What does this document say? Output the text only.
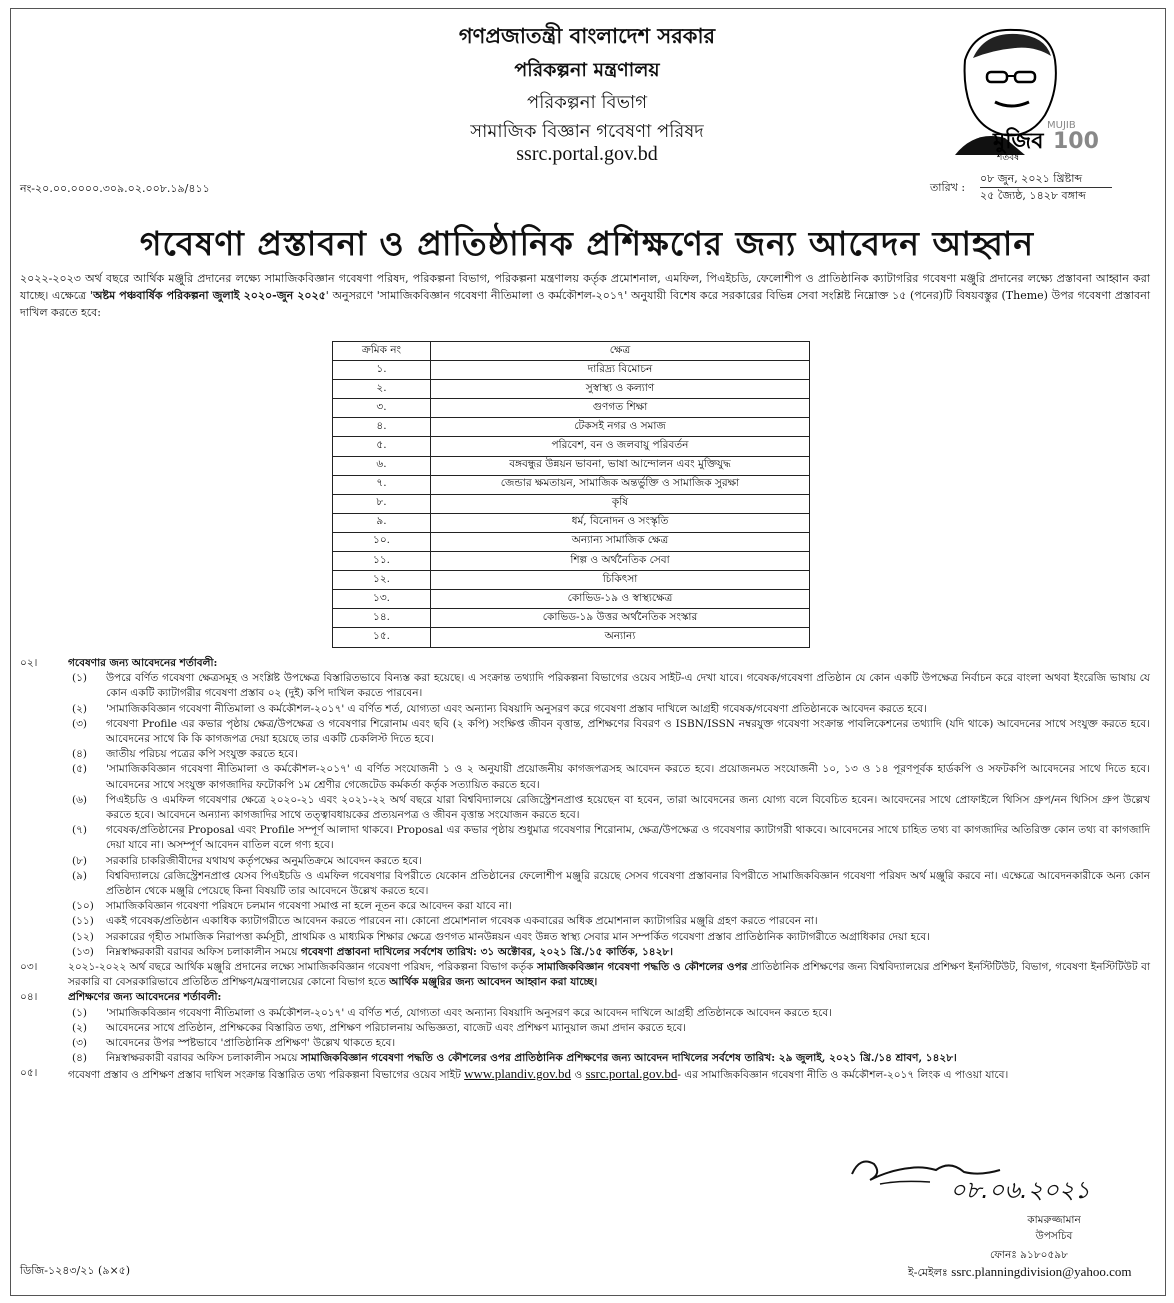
গণপ্রজাতন্ত্রী বাংলাদেশ সরকার
পরিকল্পনা মন্ত্রণালয়
পরিকল্পনা বিভাগ
সামাজিক বিজ্ঞান গবেষণা পরিষদ
ssrc.portal.gov.bd	মুজিব
MUJIB
100
শতবর্ষ
নং-২০.০০.০০০০.৩০৯.০২.০০৮.১৯/৪১১	তারিখ :
০৮ জুন, ২০২১ খ্রিষ্টাব্দ
২৫ জ্যৈষ্ঠ, ১৪২৮ বঙ্গাব্দ
গবেষণা প্রস্তাবনা ও প্রাতিষ্ঠানিক প্রশিক্ষণের জন্য আবেদন আহ্বান
২০২২-২০২৩ অর্থ বছরে আর্থিক মঞ্জুরি প্রদানের লক্ষ্যে সামাজিকবিজ্ঞান গবেষণা পরিষদ, পরিকল্পনা বিভাগ, পরিকল্পনা মন্ত্রণালয় কর্তৃক প্রমোশনাল, এমফিল, পিএইচডি, ফেলোশীপ ও প্রাতিষ্ঠানিক ক্যাটাগরির গবেষণা মঞ্জুরি প্রদানের লক্ষ্যে প্রস্তাবনা আহ্বান করা যাচ্ছে। এক্ষেত্রে 'অষ্টম পঞ্চবার্ষিক পরিকল্পনা জুলাই ২০২০-জুন ২০২৫' অনুসরণে 'সামাজিকবিজ্ঞান গবেষণা নীতিমালা ও কর্মকৌশল-২০১৭' অনুযায়ী বিশেষ করে সরকারের বিভিন্ন সেবা সংশ্লিষ্ট নিম্নোক্ত ১৫ (পনের)টি বিষয়বস্তুর (Theme) উপর গবেষণা প্রস্তাবনা দাখিল করতে হবে:
ক্রমিক নং	ক্ষেত্র
১.	দারিদ্র্য বিমোচন
২.	সুস্বাস্থ্য ও কল্যাণ
৩.	গুণগত শিক্ষা
৪.	টেকসই নগর ও সমাজ
৫.	পরিবেশ, বন ও জলবায়ু পরিবর্তন
৬.	বঙ্গবন্ধুর উন্নয়ন ভাবনা, ভাষা আন্দোলন এবং মুক্তিযুদ্ধ
৭.	জেন্ডার ক্ষমতায়ন, সামাজিক অন্তর্ভুক্তি ও সামাজিক সুরক্ষা
৮.	কৃষি
৯.	ধর্ম, বিনোদন ও সংস্কৃতি
১০.	অন্যান্য সামাজিক ক্ষেত্র
১১.	শিল্প ও অর্থনৈতিক সেবা
১২.	চিকিৎসা
১৩.	কোভিড-১৯ ও স্বাস্থ্যক্ষেত্র
১৪.	কোভিড-১৯ উত্তর অর্থনৈতিক সংস্কার
১৫.	অন্যান্য
০২।	গবেষণার জন্য আবেদনের শর্তাবলী:
(১)	উপরে বর্ণিত গবেষণা ক্ষেত্রসমূহ ও সংশ্লিষ্ট উপক্ষেত্র বিস্তারিতভাবে বিন্যস্ত করা হয়েছে। এ সংক্রান্ত তথ্যাদি পরিকল্পনা বিভাগের ওয়েব সাইট-এ দেখা যাবে। গবেষক/গবেষণা প্রতিষ্ঠান যে কোন একটি উপক্ষেত্র নির্বাচন করে বাংলা অথবা ইংরেজি ভাষায় যে কোন একটি ক্যাটাগরীর গবেষণা প্রস্তাব ০২ (দুই) কপি দাখিল করতে পারবেন।
(২)	'সামাজিকবিজ্ঞান গবেষণা নীতিমালা ও কর্মকৌশল-২০১৭' এ বর্ণিত শর্ত, যোগ্যতা এবং অন্যান্য বিষয়াদি অনুসরণ করে গবেষণা প্রস্তাব দাখিলে আগ্রহী গবেষক/গবেষণা প্রতিষ্ঠানকে আবেদন করতে হবে।
(৩)	গবেষণা Profile এর কভার পৃষ্ঠায় ক্ষেত্র/উপক্ষেত্র ও গবেষণার শিরোনাম এবং ছবি (২ কপি) সংক্ষিপ্ত জীবন বৃত্তান্ত, প্রশিক্ষণের বিবরণ ও ISBN/ISSN নম্বরযুক্ত গবেষণা সংক্রান্ত পাবলিকেশনের তথ্যাদি (যদি থাকে) আবেদনের সাথে সংযুক্ত করতে হবে। আবেদনের সাথে কি কি কাগজপত্র দেয়া হয়েছে তার একটি চেকলিস্ট দিতে হবে।
(৪)	জাতীয় পরিচয় পত্রের কপি সংযুক্ত করতে হবে।
(৫)	'সামাজিকবিজ্ঞান গবেষণা নীতিমালা ও কর্মকৌশল-২০১৭' এ বর্ণিত সংযোজনী ১ ও ২ অনুযায়ী প্রয়োজনীয় কাগজপত্রসহ আবেদন করতে হবে। প্রয়োজনমত সংযোজনী ১০, ১৩ ও ১৪ পূরণপূর্বক হার্ডকপি ও সফটকপি আবেদনের সাথে দিতে হবে। আবেদনের সাথে সংযুক্ত কাগজাদির ফটোকপি ১ম শ্রেণীর গেজেটেড কর্মকর্তা কর্তৃক সত্যায়িত করতে হবে।
(৬)	পিএইচডি ও এমফিল গবেষণার ক্ষেত্রে ২০২০-২১ এবং ২০২১-২২ অর্থ বছরে যারা বিশ্ববিদ্যালয়ে রেজিস্ট্রেশনপ্রাপ্ত হয়েছেন বা হবেন, তারা আবেদনের জন্য যোগ্য বলে বিবেচিত হবেন। আবেদনের সাথে প্রোফাইলে থিসিস গ্রুপ/নন থিসিস গ্রুপ উল্লেখ করতে হবে। আবেদনে অন্যান্য কাগজাদির সাথে তত্ত্বাবধায়কের প্রত্যয়নপত্র ও জীবন বৃত্তান্ত সংযোজন করতে হবে।
(৭)	গবেষক/প্রতিষ্ঠানের Proposal এবং Profile সম্পূর্ণ আলাদা থাকবে। Proposal এর কভার পৃষ্ঠায় শুধুমাত্র গবেষণার শিরোনাম, ক্ষেত্র/উপক্ষেত্র ও গবেষণার ক্যাটাগরী থাকবে। আবেদনের সাথে চাহিত তথ্য বা কাগজাদির অতিরিক্ত কোন তথ্য বা কাগজাদি দেয়া যাবে না। অসম্পূর্ণ আবেদন বাতিল বলে গণ্য হবে।
(৮)	সরকারি চাকরিজীবীদের যথাযথ কর্তৃপক্ষের অনুমতিক্রমে আবেদন করতে হবে।
(৯)	বিশ্ববিদ্যালয়ে রেজিস্ট্রেশনপ্রাপ্ত যেসব পিএইচডি ও এমফিল গবেষণার বিপরীতে যেকোন প্রতিষ্ঠানের ফেলোশীপ মঞ্জুরি রয়েছে সেসব গবেষণা প্রস্তাবনার বিপরীতে সামাজিকবিজ্ঞান গবেষণা পরিষদ অর্থ মঞ্জুরি করবে না। এক্ষেত্রে আবেদনকারীকে অন্য কোন প্রতিষ্ঠান থেকে মঞ্জুরি পেয়েছে কিনা বিষয়টি তার আবেদনে উল্লেখ করতে হবে।
(১০)	সামাজিকবিজ্ঞান গবেষণা পরিষদে চলমান গবেষণা সমাপ্ত না হলে নূতন করে আবেদন করা যাবে না।
(১১)	একই গবেষক/প্রতিষ্ঠান একাধিক ক্যাটাগরীতে আবেদন করতে পারবেন না। কোনো প্রমোশনাল গবেষক একবারের অধিক প্রমোশনাল ক্যাটাগরির মঞ্জুরি গ্রহণ করতে পারবেন না।
(১২)	সরকারের গৃহীত সামাজিক নিরাপত্তা কর্মসূচী, প্রাথমিক ও মাধ্যমিক শিক্ষার ক্ষেত্রে গুণগত মানউন্নয়ন এবং উন্নত স্বাস্থ্য সেবার মান সম্পর্কিত গবেষণা প্রস্তাব প্রাতিষ্ঠানিক ক্যাটাগরীতে অগ্রাধিকার দেয়া হবে।
(১৩)	নিম্নস্বাক্ষরকারী বরাবর অফিস চলাকালীন সময়ে গবেষণা প্রস্তাবনা দাখিলের সর্বশেষ তারিখ: ৩১ অক্টোবর, ২০২১ খ্রি./১৫ কার্তিক, ১৪২৮।
০৩।	২০২১-২০২২ অর্থ বছরে আর্থিক মঞ্জুরি প্রদানের লক্ষ্যে সামাজিকবিজ্ঞান গবেষণা পরিষদ, পরিকল্পনা বিভাগ কর্তৃক সামাজিকবিজ্ঞান গবেষণা পদ্ধতি ও কৌশলের ওপর প্রাতিষ্ঠানিক প্রশিক্ষণের জন্য বিশ্ববিদ্যালয়ের প্রশিক্ষণ ইনস্টিটিউট, বিভাগ, গবেষণা ইনস্টিটিউট বা সরকারি বা বেসরকারিভাবে প্রতিষ্ঠিত প্রশিক্ষণ/মন্ত্রণালয়ের কোনো বিভাগ হতে আর্থিক মঞ্জুরির জন্য আবেদন আহ্বান করা যাচ্ছে।
০৪।	প্রশিক্ষণের জন্য আবেদনের শর্তাবলী:
(১)	'সামাজিকবিজ্ঞান গবেষণা নীতিমালা ও কর্মকৌশল-২০১৭' এ বর্ণিত শর্ত, যোগ্যতা এবং অন্যান্য বিষয়াদি অনুসরণ করে আবেদন দাখিলে আগ্রহী প্রতিষ্ঠানকে আবেদন করতে হবে।
(২)	আবেদনের সাথে প্রতিষ্ঠান, প্রশিক্ষকের বিস্তারিত তথ্য, প্রশিক্ষণ পরিচালনায় অভিজ্ঞতা, বাজেট এবং প্রশিক্ষণ ম্যানুয়াল জমা প্রদান করতে হবে।
(৩)	আবেদনের উপর স্পষ্টভাবে 'প্রাতিষ্ঠানিক প্রশিক্ষণ' উল্লেখ থাকতে হবে।
(৪)	নিম্নস্বাক্ষরকারী বরাবর অফিস চলাকালীন সময়ে সামাজিকবিজ্ঞান গবেষণা পদ্ধতি ও কৌশলের ওপর প্রাতিষ্ঠানিক প্রশিক্ষণের জন্য আবেদন দাখিলের সর্বশেষ তারিখ: ২৯ জুলাই, ২০২১ খ্রি./১৪ শ্রাবণ, ১৪২৮।
০৫।	গবেষণা প্রস্তাব ও প্রশিক্ষণ প্রস্তাব দাখিল সংক্রান্ত বিস্তারিত তথ্য পরিকল্পনা বিভাগের ওয়েব সাইট www.plandiv.gov.bd ও ssrc.portal.gov.bd- এর সামাজিকবিজ্ঞান গবেষণা নীতি ও কর্মকৌশল-২০১৭ লিংক এ পাওয়া যাবে।
০৮.০৬.২০২১
কামরুজ্জামান
উপসচিব
ফোনঃ ৯১৮০৫৯৮
ই-মেইলঃ ssrc.planningdivision@yahoo.com
ডিজি-১২৪৩/২১ (৯×৫)
